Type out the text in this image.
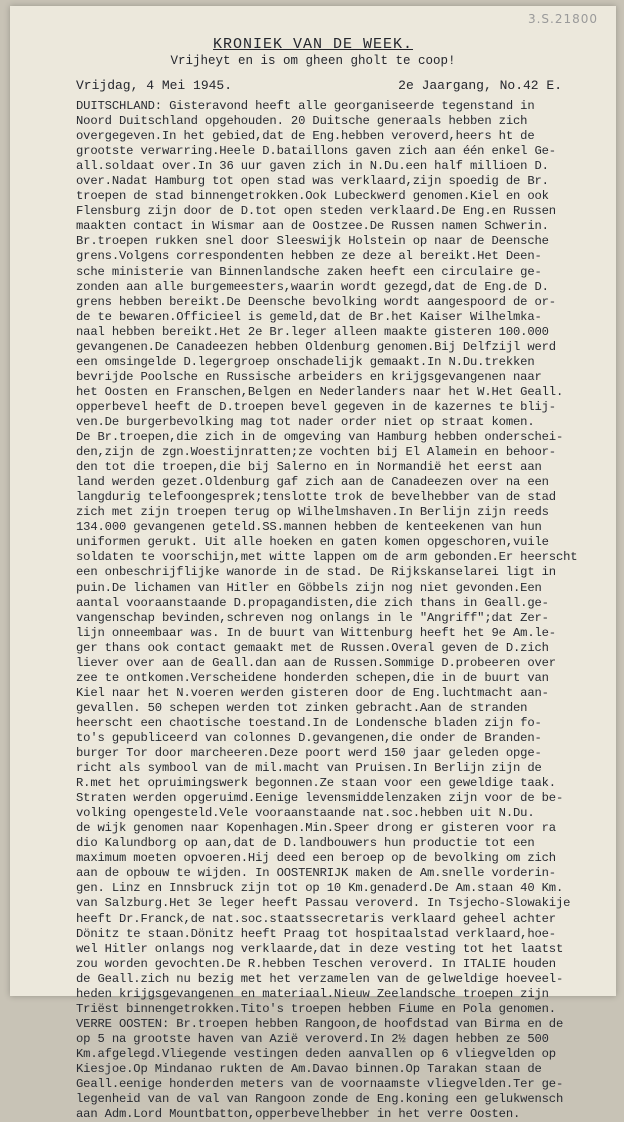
3.S.21800
KRONIEK VAN DE WEEK.
Vrijheyt en is om gheen gholt te coop!
Vrijdag, 4 Mei 1945.	2e Jaargang, No.42 E.
DUITSCHLAND: Gisteravond heeft alle georganiseerde tegenstand in
Noord Duitschland opgehouden. 20 Duitsche generaals hebben zich
overgegeven.In het gebied,dat de Eng.hebben veroverd,heers ht de
grootste verwarring.Heele D.bataillons gaven zich aan één enkel Ge-
all.soldaat over.In 36 uur gaven zich in N.Du.een half millioen D.
over.Nadat Hamburg tot open stad was verklaard,zijn spoedig de Br.
troepen de stad binnengetrokken.Ook Lubeckwerd genomen.Kiel en ook
Flensburg zijn door de D.tot open steden verklaard.De Eng.en Russen
maakten contact in Wismar aan de Oostzee.De Russen namen Schwerin.
Br.troepen rukken snel door Sleeswijk Holstein op naar de Deensche
grens.Volgens correspondenten hebben ze deze al bereikt.Het Deen-
sche ministerie van Binnenlandsche zaken heeft een circulaire ge-
zonden aan alle burgemeesters,waarin wordt gezegd,dat de Eng.de D.
grens hebben bereikt.De Deensche bevolking wordt aangespoord de or-
de te bewaren.Officieel is gemeld,dat de Br.het Kaiser Wilhelmka-
naal hebben bereikt.Het 2e Br.leger alleen maakte gisteren 100.000
gevangenen.De Canadeezen hebben Oldenburg genomen.Bij Delfzijl werd
een omsingelde D.legergroep onschadelijk gemaakt.In N.Du.trekken
bevrijde Poolsche en Russische arbeiders en krijgsgevangenen naar
het Oosten en Franschen,Belgen en Nederlanders naar het W.Het Geall.
opperbevel heeft de D.troepen bevel gegeven in de kazernes te blij-
ven.De burgerbevolking mag tot nader order niet op straat komen.
De Br.troepen,die zich in de omgeving van Hamburg hebben onderschei-
den,zijn de zgn.Woestijnratten;ze vochten bij El Alamein en behoor-
den tot die troepen,die bij Salerno en in Normandië het eerst aan
land werden gezet.Oldenburg gaf zich aan de Canadeezen over na een
langdurig telefoongesprek;tenslotte trok de bevelhebber van de stad
zich met zijn troepen terug op Wilhelmshaven.In Berlijn zijn reeds
134.000 gevangenen geteld.SS.mannen hebben de kenteekenen van hun
uniformen gerukt. Uit alle hoeken en gaten komen opgeschoren,vuile
soldaten te voorschijn,met witte lappen om de arm gebonden.Er heerscht
een onbeschrijflijke wanorde in de stad. De Rijkskanselarei ligt in
puin.De lichamen van Hitler en Göbbels zijn nog niet gevonden.Een
aantal vooraanstaande D.propagandisten,die zich thans in Geall.ge-
vangenschap bevinden,schreven nog onlangs in le "Angriff";dat Zer-
lijn onneembaar was. In de buurt van Wittenburg heeft het 9e Am.le-
ger thans ook contact gemaakt met de Russen.Overal geven de D.zich
liever over aan de Geall.dan aan de Russen.Sommige D.probeeren over
zee te ontkomen.Verscheidene honderden schepen,die in de buurt van
Kiel naar het N.voeren werden gisteren door de Eng.luchtmacht aan-
gevallen. 50 schepen werden tot zinken gebracht.Aan de stranden
heerscht een chaotische toestand.In de Londensche bladen zijn fo-
to's gepubliceerd van colonnes D.gevangenen,die onder de Branden-
burger Tor door marcheeren.Deze poort werd 150 jaar geleden opge-
richt als symbool van de mil.macht van Pruisen.In Berlijn zijn de
R.met het opruimingswerk begonnen.Ze staan voor een geweldige taak.
Straten werden opgeruimd.Eenige levensmiddelenzaken zijn voor de be-
volking opengesteld.Vele vooraanstaande nat.soc.hebben uit N.Du.
de wijk genomen naar Kopenhagen.Min.Speer drong er gisteren voor ra
dio Kalundborg op aan,dat de D.landbouwers hun productie tot een
maximum moeten opvoeren.Hij deed een beroep op de bevolking om zich
aan de opbouw te wijden. In OOSTENRIJK maken de Am.snelle vorderin-
gen. Linz en Innsbruck zijn tot op 10 Km.genaderd.De Am.staan 40 Km.
van Salzburg.Het 3e leger heeft Passau veroverd. In Tsjecho-Slowakije
heeft Dr.Franck,de nat.soc.staatssecretaris verklaard geheel achter
Dönitz te staan.Dönitz heeft Praag tot hospitaalstad verklaard,hoe-
wel Hitler onlangs nog verklaarde,dat in deze vesting tot het laatst
zou worden gevochten.De R.hebben Teschen veroverd. In ITALIE houden
de Geall.zich nu bezig met het verzamelen van de gelweldige hoeveel-
heden krijgsgevangenen en materiaal.Nieuw Zeelandsche troepen zijn
Triëst binnengetrokken.Tito's troepen hebben Fiume en Pola genomen.
VERRE OOSTEN: Br.troepen hebben Rangoon,de hoofdstad van Birma en de
op 5 na grootste haven van Azië veroverd.In 2½ dagen hebben ze 500
Km.afgelegd.Vliegende vestingen deden aanvallen op 6 vliegvelden op
Kiesjoe.Op Mindanao rukten de Am.Davao binnen.Op Tarakan staan de
Geall.eenige honderden meters van de voornaamste vliegvelden.Ter ge-
legenheid van de val van Rangoon zonde de Eng.koning een gelukwensch
aan Adm.Lord Mountbatton,opperbevelhebber in het verre Oosten.
